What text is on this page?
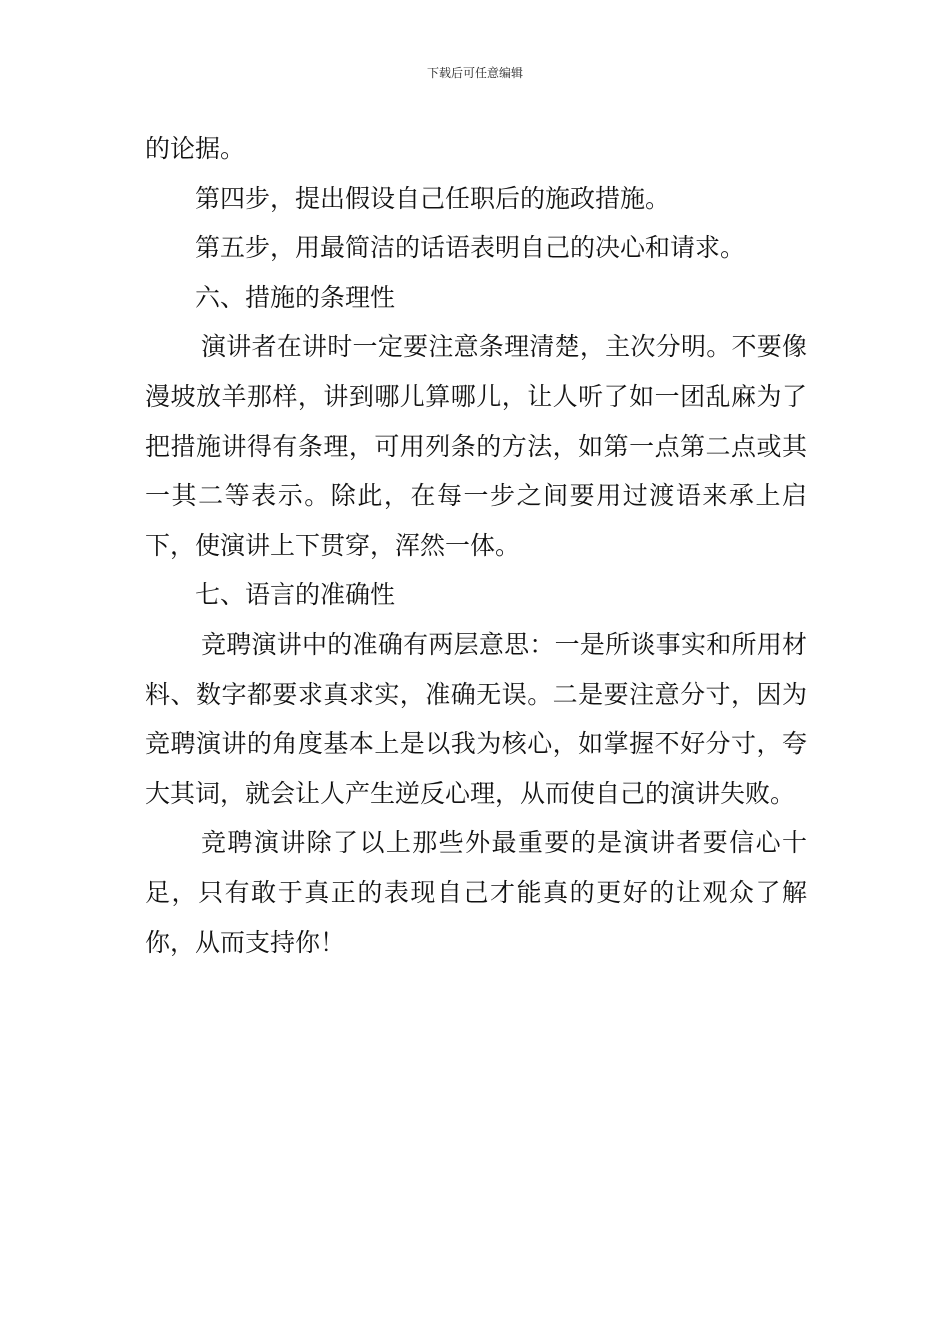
下载后可任意编辑

的论据。

第四步，提出假设自己任职后的施政措施。

第五步，用最简洁的话语表明自己的决心和请求。

六、措施的条理性

演讲者在讲时一定要注意条理清楚，主次分明。不要像漫坡放羊那样，讲到哪儿算哪儿，让人听了如一团乱麻为了把措施讲得有条理，可用列条的方法，如第一点第二点或其一其二等表示。除此，在每一步之间要用过渡语来承上启下，使演讲上下贯穿，浑然一体。

七、语言的准确性

竞聘演讲中的准确有两层意思：一是所谈事实和所用材料、数字都要求真求实，准确无误。二是要注意分寸，因为竞聘演讲的角度基本上是以我为核心，如掌握不好分寸，夸大其词，就会让人产生逆反心理，从而使自己的演讲失败。

竞聘演讲除了以上那些外最重要的是演讲者要信心十足，只有敢于真正的表现自己才能真的更好的让观众了解你，从而支持你！
